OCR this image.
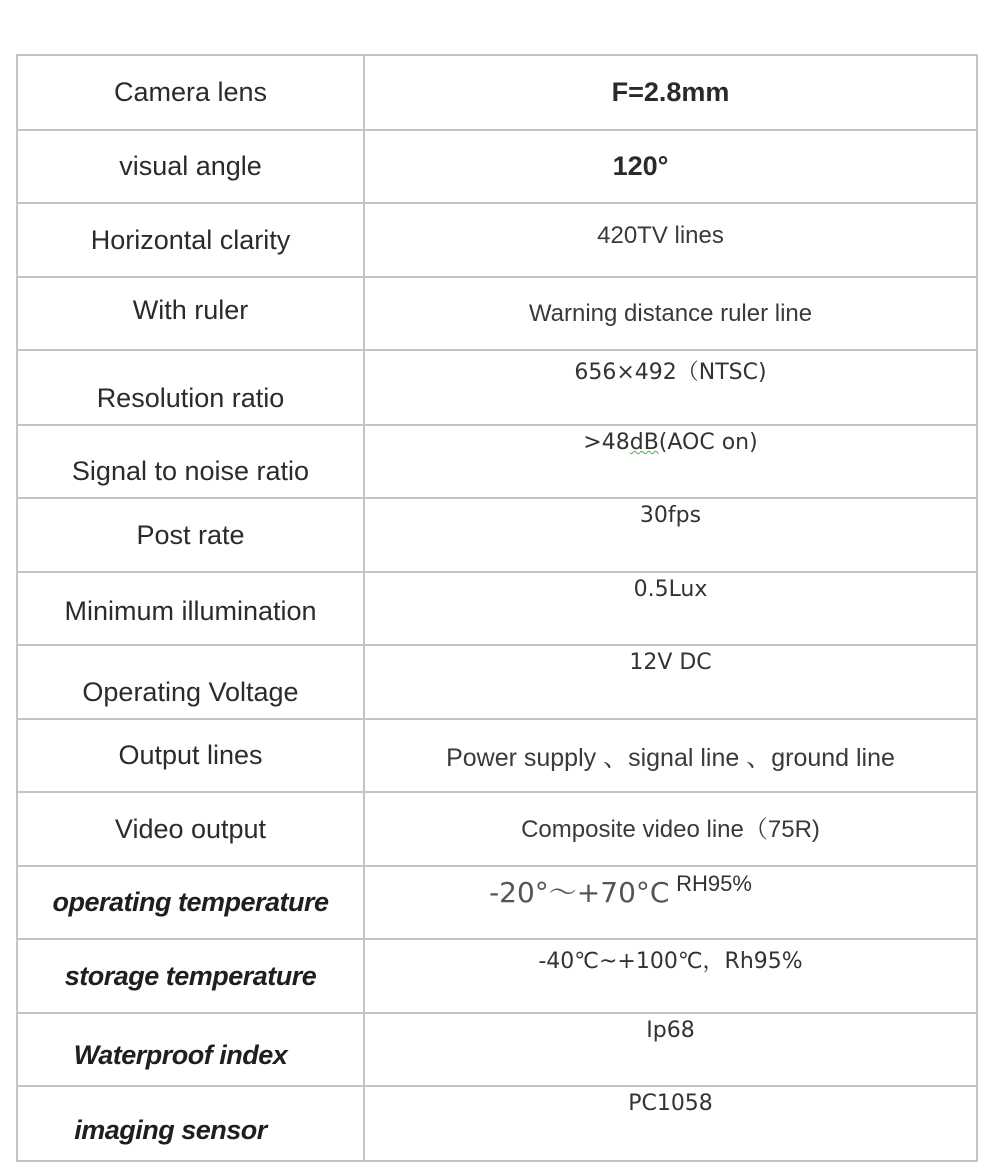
Camera lens	F=2.8mm
visual angle	120°
Horizontal clarity	420TV lines
With ruler	Warning distance ruler line
Resolution ratio	656×492（NTSC)
Signal to noise ratio	>48dB(AOC on)
Post rate	30fps
Minimum illumination	0.5Lux
Operating Voltage	12V DC
Output lines	Power supply 、signal line 、ground line
Video output	Composite video line（75R)
operating temperature	-20°～+70°C RH95%
storage temperature	-40℃~+100℃，Rh95%
Waterproof index	Ip68
imaging sensor	PC1058
